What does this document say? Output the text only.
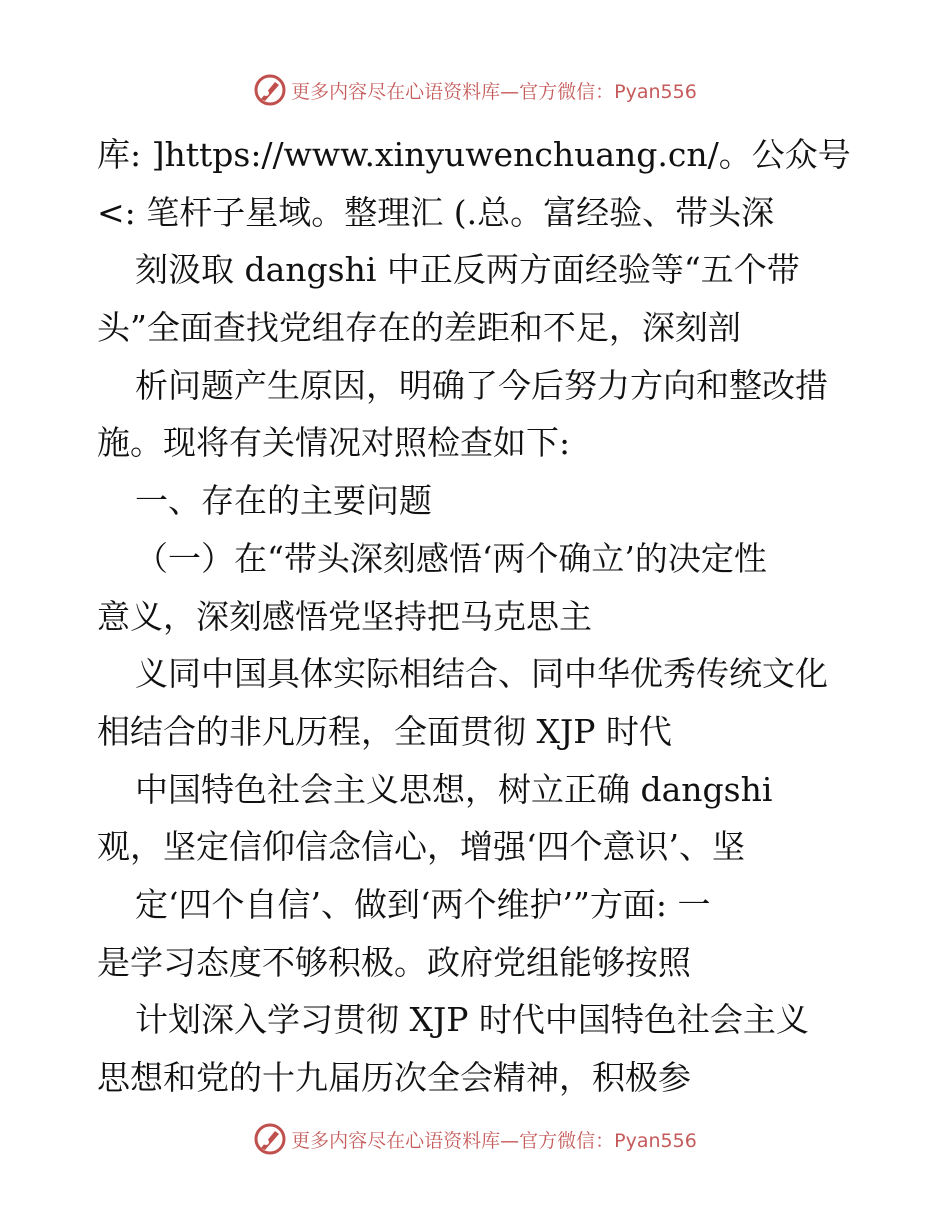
更多内容尽在心语资料库—官方微信：Pyan556
库: ]https://www.xinyuwenchuang.cn/。公众号
<: 笔杆子星域。整理汇 (.总。富经验、带头深
刻汲取 dangshi 中正反两方面经验等“五个带
头”全面查找党组存在的差距和不足，深刻剖
析问题产生原因，明确了今后努力方向和整改措
施。现将有关情况对照检查如下:
一、存在的主要问题
（一）在“带头深刻感悟‘两个确立’的决定性
意义，深刻感悟党坚持把马克思主
义同中国具体实际相结合、同中华优秀传统文化
相结合的非凡历程，全面贯彻 XJP 时代
中国特色社会主义思想，树立正确 dangshi
观，坚定信仰信念信心，增强‘四个意识’、坚
定‘四个自信’、做到‘两个维护’”方面: 一
是学习态度不够积极。政府党组能够按照
计划深入学习贯彻 XJP 时代中国特色社会主义
思想和党的十九届历次全会精神，积极参
更多内容尽在心语资料库—官方微信：Pyan556
